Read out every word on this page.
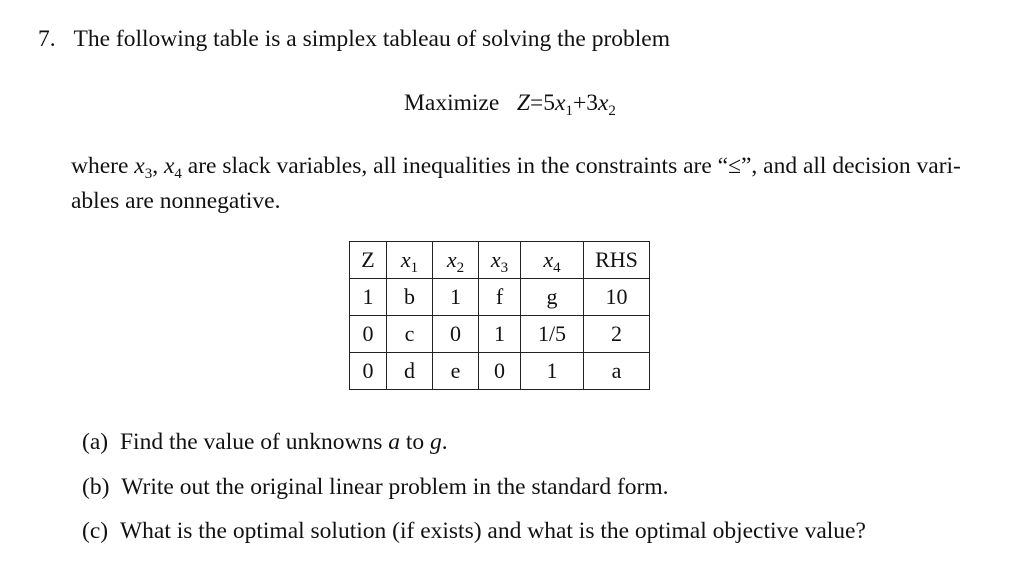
7. The following table is a simplex tableau of solving the problem
Maximize $Z=5x_1+3x_2$
where $x_3$, $x_4$ are slack variables, all inequalities in the constraints are “≤”, and all decision vari-
ables are nonnegative.
Z	$x_1$	$x_2$	$x_3$	$x_4$	RHS
1	b	1	f	g	10
0	c	0	1	1/5	2
0	d	e	0	1	a
(a) Find the value of unknowns a to g.
(b) Write out the original linear problem in the standard form.
(c) What is the optimal solution (if exists) and what is the optimal objective value?
